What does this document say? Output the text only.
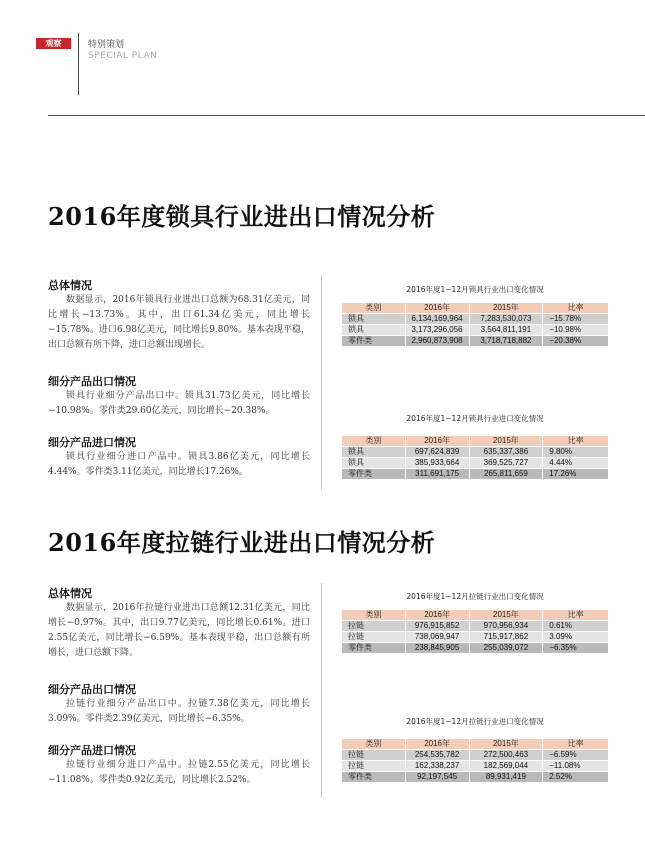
观察	特别策划
SPECIAL PLAN
2016年度锁具行业进出口情况分析
总体情况

数据显示，2016年锁具行业进出口总额为68.31亿美元，同比增长−13.73%。其中，出口61.34亿美元，同比增长−15.78%。进口6.98亿美元，同比增长9.80%。基本表现平稳，出口总额有所下降，进口总额出现增长。

细分产品出口情况

锁具行业细分产品出口中。锁具31.73亿美元，同比增长−10.98%。零件类29.60亿美元，同比增长−20.38%。

细分产品进口情况

锁具行业细分进口产品中。锁具3.86亿美元，同比增长4.44%。零件类3.11亿美元，同比增长17.26%。

2016年度1−12月锁具行业出口变化情况
类别	2016年	2015年	比率
锁具	6,134,169,964	7,283,530,073	−15.78%
锁具	3,173,296,056	3,564,811,191	−10.98%
零件类	2,960,873,908	3,718,718,882	−20.38%
2016年度1−12月锁具行业进口变化情况
类别	2016年	2015年	比率
锁具	697,624,839	635,337,386	9.80%
锁具	385,933,664	369,525,727	4.44%
零件类	311,691,175	265,811,659	17.26%
2016年度拉链行业进出口情况分析
总体情况

数据显示，2016年拉链行业进出口总额12.31亿美元，同比增长−0.97%。其中，出口9.77亿美元，同比增长0.61%。进口2.55亿美元，同比增长−6.59%。基本表现平稳，出口总额有所增长，进口总额下降。

细分产品出口情况

拉链行业细分产品出口中。拉链7.38亿美元，同比增长3.09%。零件类2.39亿美元，同比增长−6.35%。

细分产品进口情况

拉链行业细分进口产品中。拉链2.55亿美元，同比增长−11.08%。零件类0.92亿美元，同比增长2.52%。

2016年度1−12月拉链行业出口变化情况
类别	2016年	2015年	比率
拉链	976,915,852	970,956,934	0.61%
拉链	738,069,947	715,917,862	3.09%
零件类	238,845,905	255,039,072	−6.35%
2016年度1−12月拉链行业进口变化情况
类别	2016年	2015年	比率
拉链	254,535,782	272,500,463	−6.59%
拉链	162,338,237	182,569,044	−11.08%
零件类	92,197,545	89,931,419	2.52%
